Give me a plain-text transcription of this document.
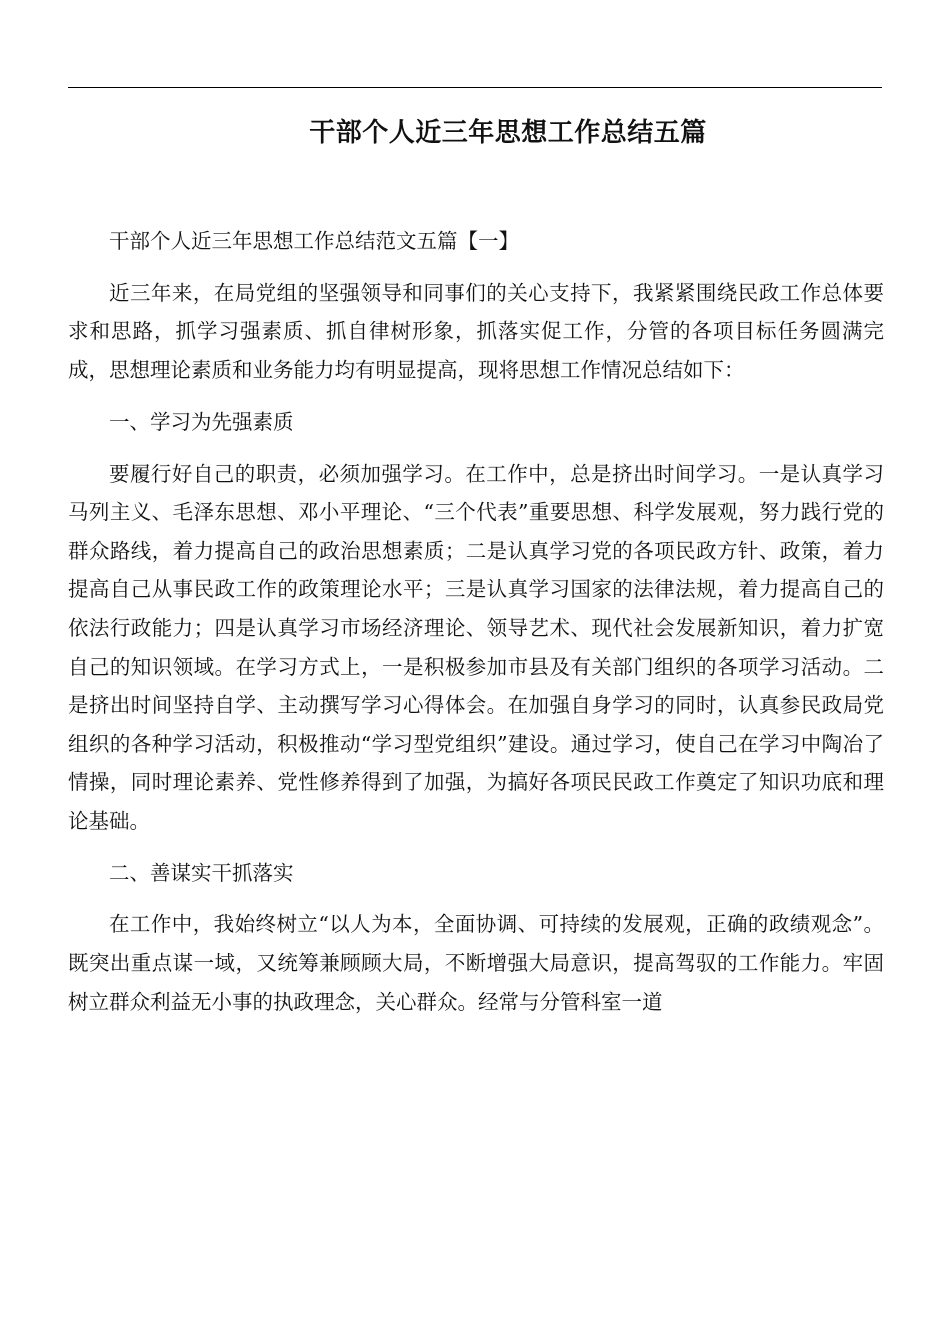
干部个人近三年思想工作总结五篇

干部个人近三年思想工作总结范文五篇【一】

近三年来，在局党组的坚强领导和同事们的关心支持下，我紧紧围绕民政工作总体要求和思路，抓学习强素质、抓自律树形象，抓落实促工作，分管的各项目标任务圆满完成，思想理论素质和业务能力均有明显提高，现将思想工作情况总结如下：

一、学习为先强素质

要履行好自己的职责，必须加强学习。在工作中，总是挤出时间学习。一是认真学习马列主义、毛泽东思想、邓小平理论、“三个代表”重要思想、科学发展观，努力践行党的群众路线，着力提高自己的政治思想素质；二是认真学习党的各项民政方针、政策，着力提高自己从事民政工作的政策理论水平；三是认真学习国家的法律法规，着力提高自己的依法行政能力；四是认真学习市场经济理论、领导艺术、现代社会发展新知识，着力扩宽自己的知识领域。在学习方式上，一是积极参加市县及有关部门组织的各项学习活动。二是挤出时间坚持自学、主动撰写学习心得体会。在加强自身学习的同时，认真参民政局党组织的各种学习活动，积极推动“学习型党组织”建设。通过学习，使自己在学习中陶冶了情操，同时理论素养、党性修养得到了加强，为搞好各项民民政工作奠定了知识功底和理论基础。

二、善谋实干抓落实

在工作中，我始终树立“以人为本，全面协调、可持续的发展观，正确的政绩观念”。既突出重点谋一域，又统筹兼顾顾大局，不断增强大局意识，提高驾驭的工作能力。牢固树立群众利益无小事的执政理念，关心群众。经常与分管科室一道
